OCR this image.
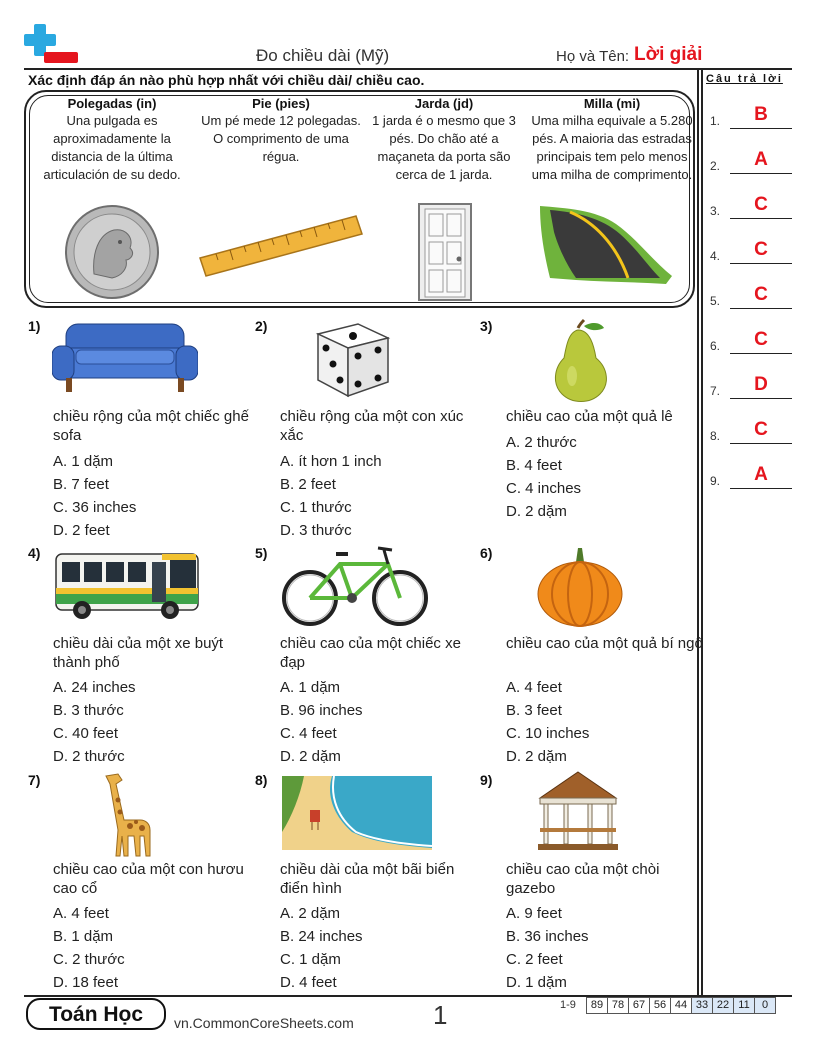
Đo chiều dài (Mỹ)	Họ và Tên: Lời giải
Xác định đáp án nào phù hợp nhất với chiều dài/ chiều cao.
Polegadas (in)
Una pulgada es aproximadamente la distancia de la última articulación de su dedo.
Pie (pies)
Um pé mede 12 polegadas. O comprimento de uma régua.
Jarda (jd)
1 jarda é o mesmo que 3 pés. Do chão até a maçaneta da porta são cerca de 1 jarda.
Milla (mi)
Uma milha equivale a 5.280 pés. A maioria das estradas principais tem pelo menos uma milha de comprimento.
1)
chiều rộng của một chiếc ghế sofa
A. 1 dặm
B. 7 feet
C. 36 inches
D. 2 feet
2)
chiều rộng của một con xúc xắc
A. ít hơn 1 inch
B. 2 feet
C. 1 thước
D. 3 thước
3)
chiều cao của một quả lê
A. 2 thước
B. 4 feet
C. 4 inches
D. 2 dặm
4)
chiều dài của một xe buýt thành phố
A. 24 inches
B. 3 thước
C. 40 feet
D. 2 thước
5)
chiều cao của một chiếc xe đạp
A. 1 dặm
B. 96 inches
C. 4 feet
D. 2 dặm
6)
chiều cao của một quả bí ngô
A. 4 feet
B. 3 feet
C. 10 inches
D. 2 dặm
7)
chiều cao của một con hươu cao cổ
A. 4 feet
B. 1 dặm
C. 2 thước
D. 18 feet
8)
chiều dài của một bãi biển điển hình
A. 2 dặm
B. 24 inches
C. 1 dặm
D. 4 feet
9)
chiều cao của một chòi gazebo
A. 9 feet
B. 36 inches
C. 2 feet
D. 1 dặm
Câu trả lời
1.	B
2.	A
3.	C
4.	C
5.	C
6.	C
7.	D
8.	C
9.	A
Toán Học	vn.CommonCoreSheets.com	1	1-9	89 78 67 56 44 33 22 11	0
